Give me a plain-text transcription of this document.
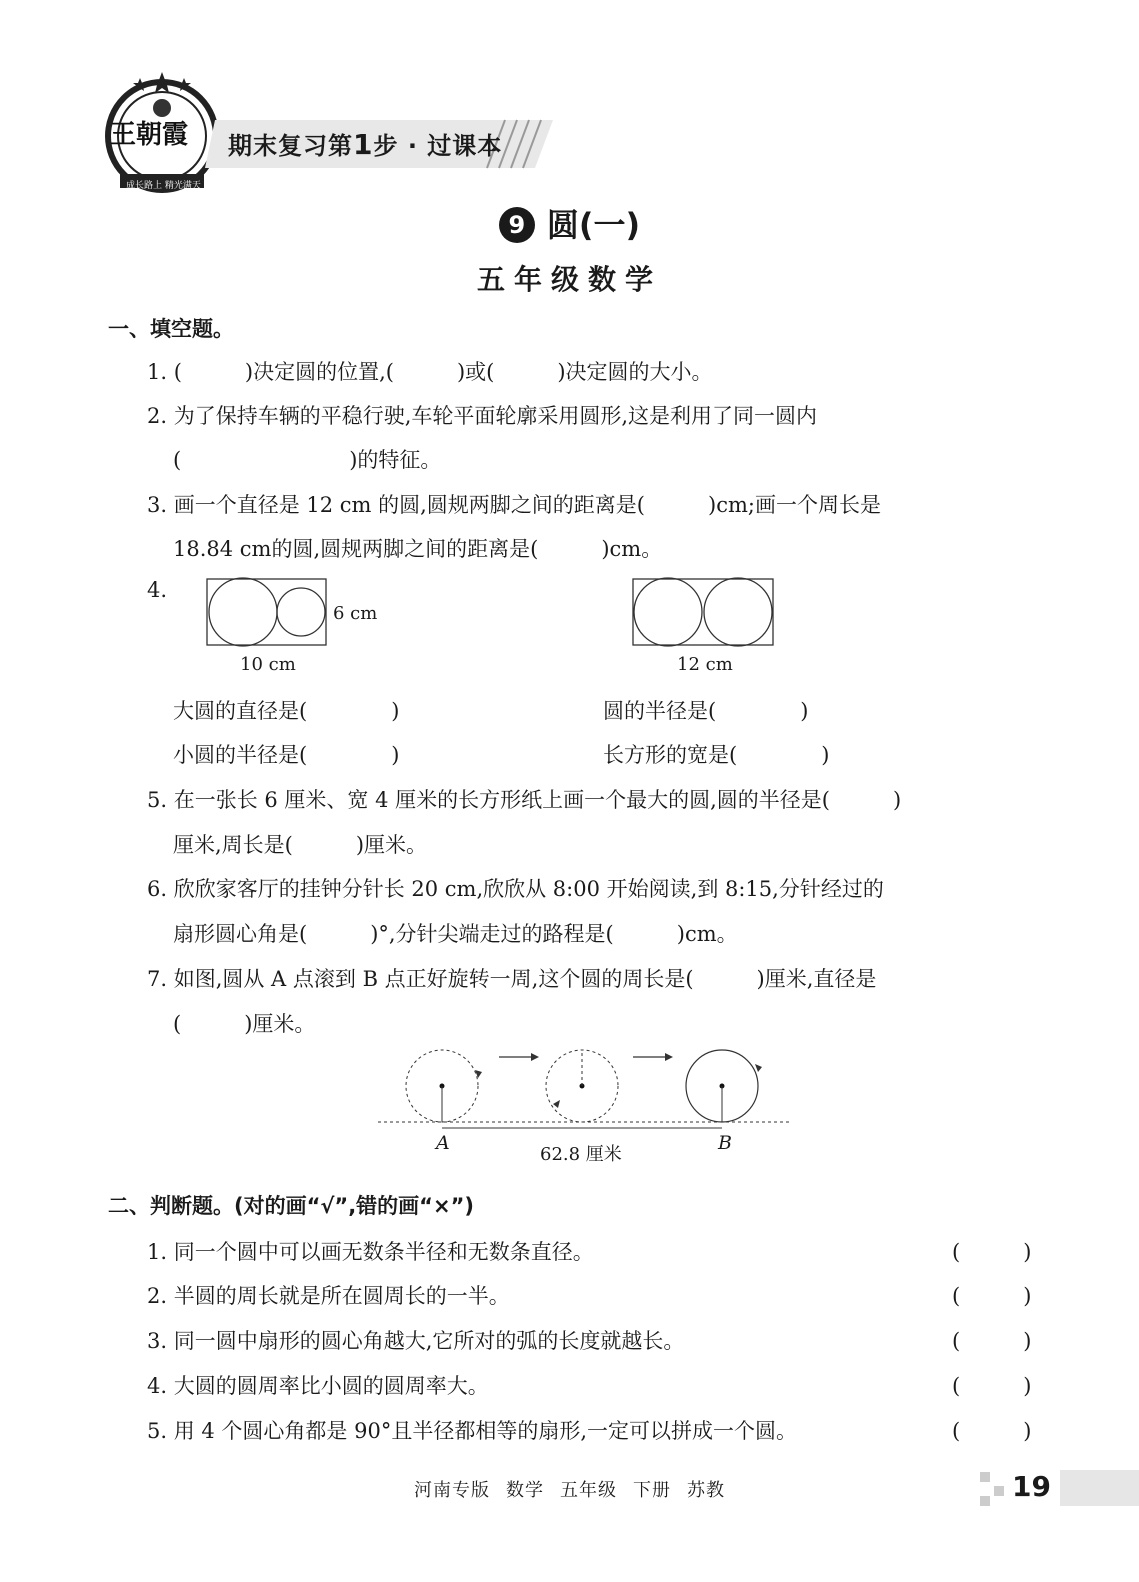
王朝霞
成长路上 精光满天
期末复习第1步 · 过课本
9 圆(一)
五年级数学
一、填空题。
1. (　　　)决定圆的位置,(　　　)或(　　　)决定圆的大小。
2. 为了保持车辆的平稳行驶,车轮平面轮廓采用圆形,这是利用了同一圆内
(　　　　　　　　)的特征。
3. 画一个直径是 12 cm 的圆,圆规两脚之间的距离是(　　　)cm;画一个周长是
18.84 cm的圆,圆规两脚之间的距离是(　　　)cm。
4.
6 cm
10 cm	12 cm
大圆的直径是(　　　　)	圆的半径是(　　　　)
小圆的半径是(　　　　)	长方形的宽是(　　　　)
5. 在一张长 6 厘米、宽 4 厘米的长方形纸上画一个最大的圆,圆的半径是(　　　)
厘米,周长是(　　　)厘米。
6. 欣欣家客厅的挂钟分针长 20 cm,欣欣从 8:00 开始阅读,到 8:15,分针经过的
扇形圆心角是(　　　)°,分针尖端走过的路程是(　　　)cm。
7. 如图,圆从 A 点滚到 B 点正好旋转一周,这个圆的周长是(　　　)厘米,直径是
(　　　)厘米。
A	B
62.8 厘米
二、判断题。(对的画“√”,错的画“×”)
1. 同一个圆中可以画无数条半径和无数条直径。	(　　　)
2. 半圆的周长就是所在圆周长的一半。	(　　　)
3. 同一圆中扇形的圆心角越大,它所对的弧的长度就越长。	(　　　)
4. 大圆的圆周率比小圆的圆周率大。	(　　　)
5. 用 4 个圆心角都是 90°且半径都相等的扇形,一定可以拼成一个圆。	(　　　)
河南专版 数学 五年级 下册 苏教	19
